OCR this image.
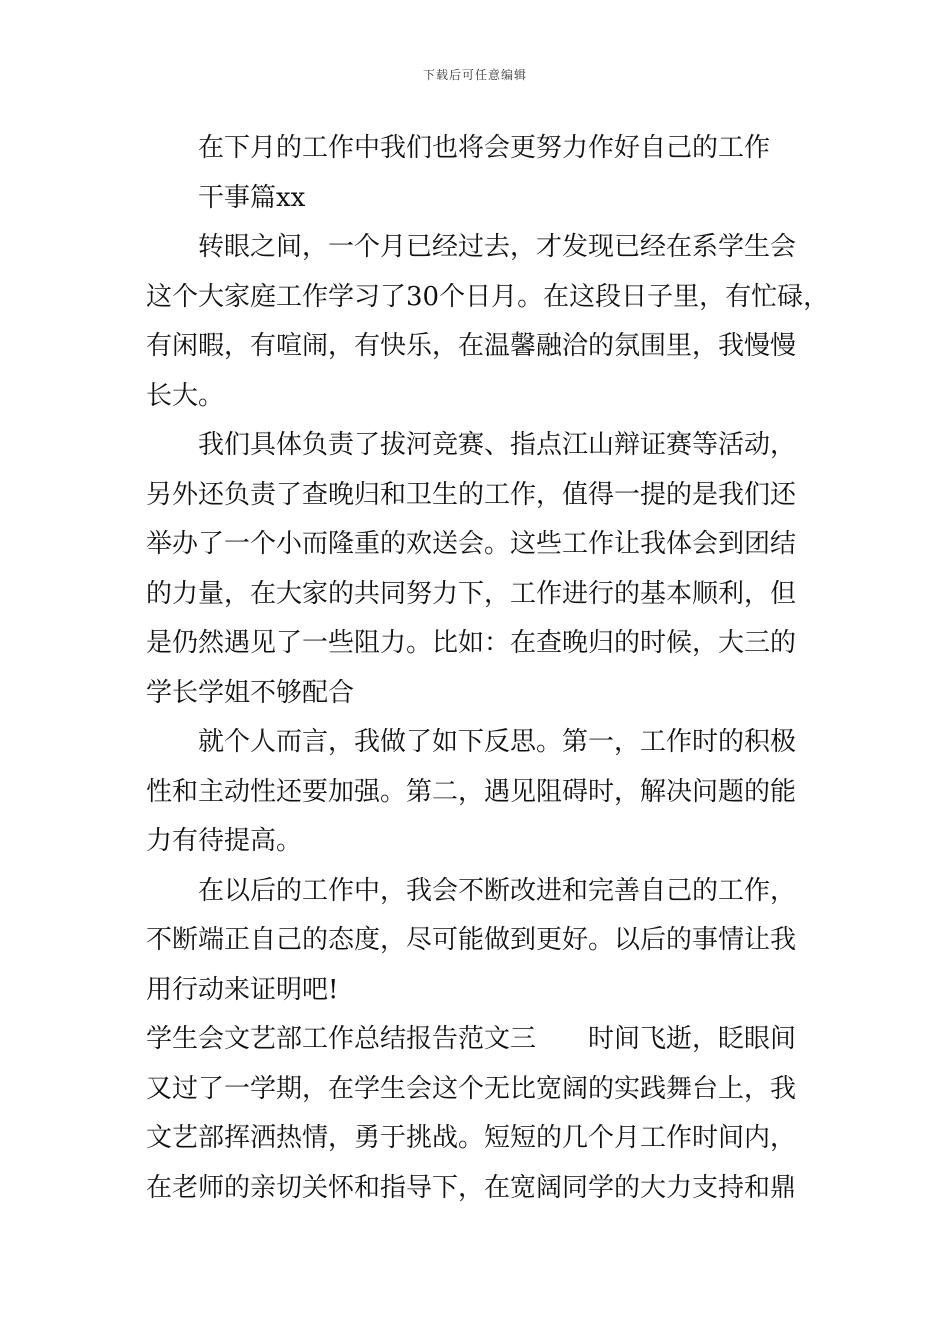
下载后可任意编辑
在下月的工作中我们也将会更努力作好自己的工作
干事篇xx
转眼之间，一个月已经过去，才发现已经在系学生会
这个大家庭工作学习了30个日月。在这段日子里，有忙碌，
有闲暇，有喧闹，有快乐，在温馨融洽的氛围里，我慢慢
长大。
我们具体负责了拔河竞赛、指点江山辩证赛等活动，
另外还负责了查晚归和卫生的工作，值得一提的是我们还
举办了一个小而隆重的欢送会。这些工作让我体会到团结
的力量，在大家的共同努力下，工作进行的基本顺利，但
是仍然遇见了一些阻力。比如：在查晚归的时候，大三的
学长学姐不够配合
就个人而言，我做了如下反思。第一，工作时的积极
性和主动性还要加强。第二，遇见阻碍时，解决问题的能
力有待提高。
在以后的工作中，我会不断改进和完善自己的工作，
不断端正自己的态度，尽可能做到更好。以后的事情让我
用行动来证明吧!
学生会文艺部工作总结报告范文三 时间飞逝，眨眼间
又过了一学期，在学生会这个无比宽阔的实践舞台上，我
文艺部挥洒热情，勇于挑战。短短的几个月工作时间内，
在老师的亲切关怀和指导下，在宽阔同学的大力支持和鼎
